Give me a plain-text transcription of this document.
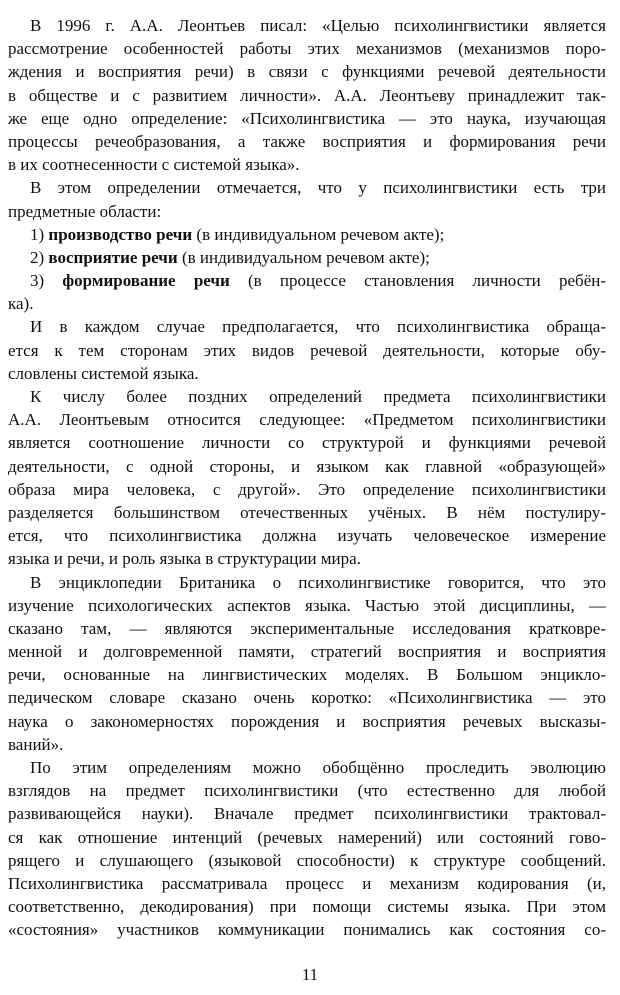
В 1996 г. А.А. Леонтьев писал: «Целью психолингвистики является
рассмотрение особенностей работы этих механизмов (механизмов поро-
ждения и восприятия речи) в связи с функциями речевой деятельности
в обществе и с развитием личности». А.А. Леонтьеву принадлежит так-
же еще одно определение: «Психолингвистика — это наука, изучающая
процессы речеобразования, а также восприятия и формирования речи
в их соотнесенности с системой языка».
В этом определении отмечается, что у психолингвистики есть три
предметные области:
1) производство речи (в индивидуальном речевом акте);
2) восприятие речи (в индивидуальном речевом акте);
3) формирование речи (в процессе становления личности ребён-
ка).
И в каждом случае предполагается, что психолингвистика обраща-
ется к тем сторонам этих видов речевой деятельности, которые обу-
словлены системой языка.
К числу более поздних определений предмета психолингвистики
А.А. Леонтьевым относится следующее: «Предметом психолингвистики
является соотношение личности со структурой и функциями речевой
деятельности, с одной стороны, и языком как главной «образующей»
образа мира человека, с другой». Это определение психолингвистики
разделяется большинством отечественных учёных. В нём постулиру-
ется, что психолингвистика должна изучать человеческое измерение
языка и речи, и роль языка в структурации мира.
В энциклопедии Британика о психолингвистике говорится, что это
изучение психологических аспектов языка. Частью этой дисциплины, —
сказано там, — являются экспериментальные исследования кратковре-
менной и долговременной памяти, стратегий восприятия и восприятия
речи, основанные на лингвистических моделях. В Большом энцикло-
педическом словаре сказано очень коротко: «Психолингвистика — это
наука о закономерностях порождения и восприятия речевых высказы-
ваний».
По этим определениям можно обобщённо проследить эволюцию
взглядов на предмет психолингвистики (что естественно для любой
развивающейся науки). Вначале предмет психолингвистики трактовал-
ся как отношение интенций (речевых намерений) или состояний гово-
рящего и слушающего (языковой способности) к структуре сообщений.
Психолингвистика рассматривала процесс и механизм кодирования (и,
соответственно, декодирования) при помощи системы языка. При этом
«состояния» участников коммуникации понимались как состояния со-
11
